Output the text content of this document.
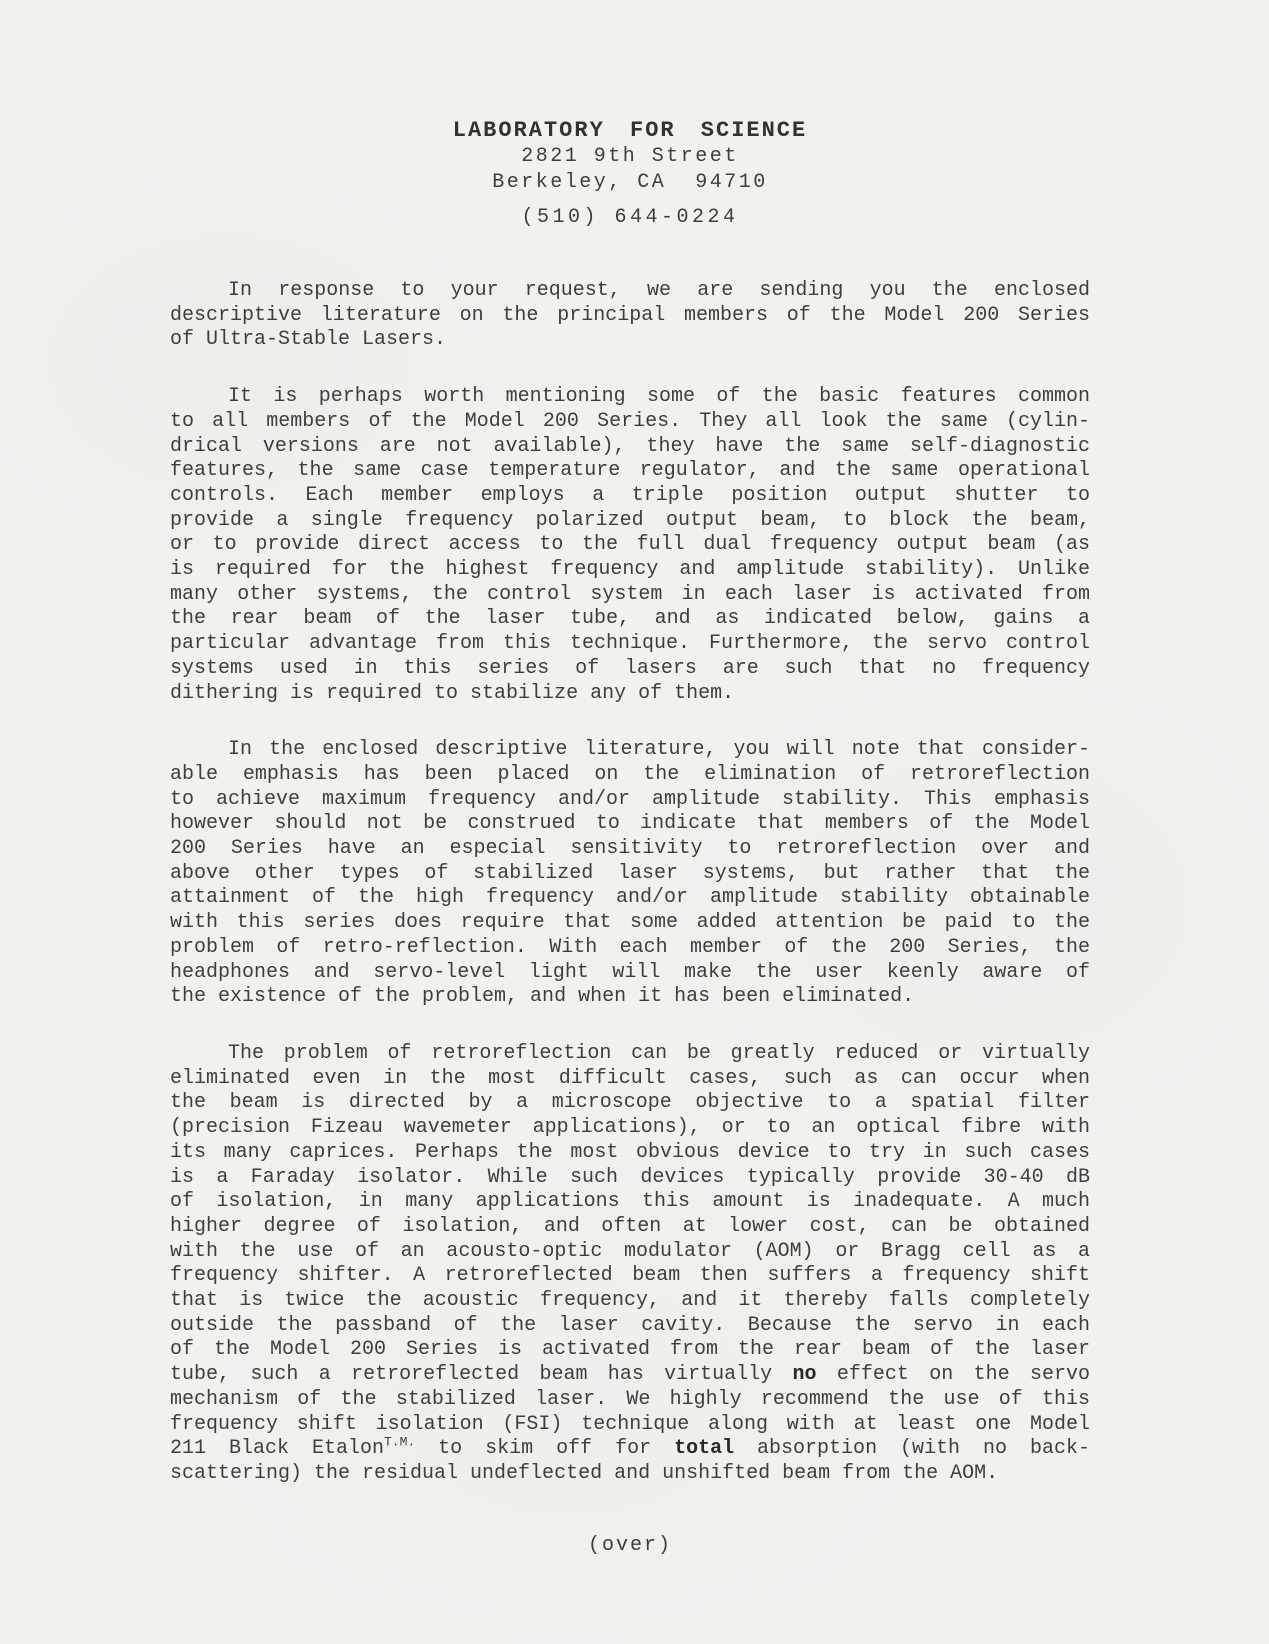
LABORATORY FOR SCIENCE
2821 9th Street
Berkeley, CA  94710
(510) 644-0224
In response to your request, we are sending you the enclosed
descriptive literature on the principal members of the Model 200 Series
of Ultra-Stable Lasers.
It is perhaps worth mentioning some of the basic features common
to all members of the Model 200 Series. They all look the same (cylin-
drical versions are not available), they have the same self-diagnostic
features, the same case temperature regulator, and the same operational
controls. Each member employs a triple position output shutter to
provide a single frequency polarized output beam, to block the beam,
or to provide direct access to the full dual frequency output beam (as
is required for the highest frequency and amplitude stability). Unlike
many other systems, the control system in each laser is activated from
the rear beam of the laser tube, and as indicated below, gains a
particular advantage from this technique. Furthermore, the servo control
systems used in this series of lasers are such that no frequency
dithering is required to stabilize any of them.
In the enclosed descriptive literature, you will note that consider-
able emphasis has been placed on the elimination of retroreflection
to achieve maximum frequency and/or amplitude stability. This emphasis
however should not be construed to indicate that members of the Model
200 Series have an especial sensitivity to retroreflection over and
above other types of stabilized laser systems, but rather that the
attainment of the high frequency and/or amplitude stability obtainable
with this series does require that some added attention be paid to the
problem of retro-reflection. With each member of the 200 Series, the
headphones and servo-level light will make the user keenly aware of
the existence of the problem, and when it has been eliminated.
The problem of retroreflection can be greatly reduced or virtually
eliminated even in the most difficult cases, such as can occur when
the beam is directed by a microscope objective to a spatial filter
(precision Fizeau wavemeter applications), or to an optical fibre with
its many caprices. Perhaps the most obvious device to try in such cases
is a Faraday isolator. While such devices typically provide 30-40 dB
of isolation, in many applications this amount is inadequate. A much
higher degree of isolation, and often at lower cost, can be obtained
with the use of an acousto-optic modulator (AOM) or Bragg cell as a
frequency shifter. A retroreflected beam then suffers a frequency shift
that is twice the acoustic frequency, and it thereby falls completely
outside the passband of the laser cavity. Because the servo in each
of the Model 200 Series is activated from the rear beam of the laser
tube, such a retroreflected beam has virtually no effect on the servo
mechanism of the stabilized laser. We highly recommend the use of this
frequency shift isolation (FSI) technique along with at least one Model
211 Black Etalon$^{T.M.}$ to skim off for total absorption (with no back-
scattering) the residual undeflected and unshifted beam from the AOM.
(over)
